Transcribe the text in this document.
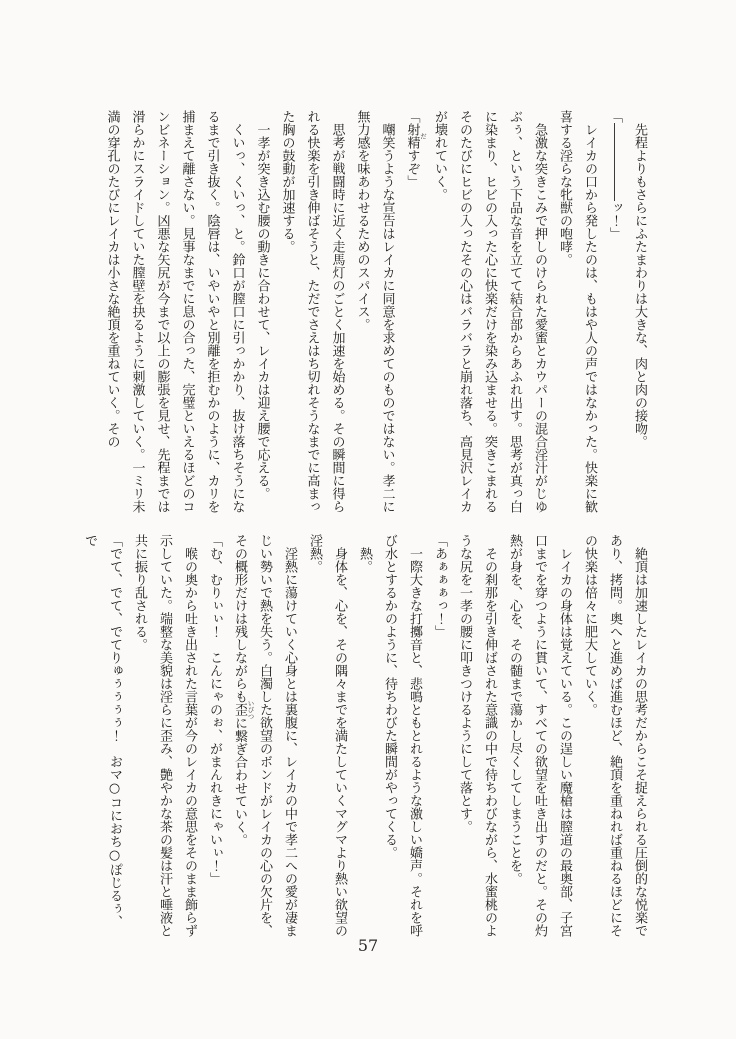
先程よりもさらにふたまわりは大きな、肉と肉の接吻。

「――――――ッ！」

レイカの口から発したのは、もはや人の声ではなかった。快楽に歓喜する淫らな牝獣の咆哮。

急激な突きこみで押しのけられた愛蜜とカウパーの混合淫汁がじゆぶぅ、という下品な音を立てて結合部からあふれ出す。思考が真っ白に染まり、ヒビの入った心に快楽だけを染み込ませる。突きこまれるそのたびにヒビの入ったその心はバラバラと崩れ落ち、高見沢レイカが壊れていく。

「射精 だすぞ」

嘲笑うような宣告はレイカに同意を求めてのものではない。孝二に無力感を味あわせるためのスパイス。

思考が戦闘時に近く走馬灯のごとく加速を始める。その瞬間に得られる快楽を引き伸ばそうと、ただでさえはち切れそうなまでに高まった胸の鼓動が加速する。

一孝が突き込む腰の動きに合わせて、レイカは迎え腰で応える。

くいっ、くいっ、と。鈴口が膣口に引っかかり、抜け落ちそうになるまで引き抜く。陰唇は、いやいやと別離を拒むかのように、カリを捕まえて離さない。見事なまでに息の合った、完璧といえるほどのコンビネーション。凶悪な矢尻が今まで以上の膨張を見せ、先程までは滑らかにスライドしていた膣壁を抉るように刺激していく。一ミリ未満の穿孔のたびにレイカは小さな絶頂を重ねていく。その

絶頂は加速したレイカの思考だからこそ捉えられる圧倒的な悦楽であり、拷問。奥へと進めば進むほど、絶頂を重ねれば重ねるほどにその快楽は倍々に肥大していく。

レイカの身体は覚えている。この逞しい魔槍は膣道の最奥部、子宮口までを穿つように貫いて、すべての欲望を吐き出すのだと。その灼熱が身を、心を、その髄まで蕩かし尽くしてしまうことを。

その刹那を引き伸ばされた意識の中で待ちわびながら、水蜜桃のような尻を一孝の腰に叩きつけるようにして落とす。

「あぁぁぁっ！」

一際大きな打擲音と、悲鳴ともとれるような激しい嬌声。それを呼び水とするかのように、待ちわびた瞬間がやってくる。

熱。

身体を、心を、その隅々までを満たしていくマグマより熱い欲望の淫熱。

淫熱に蕩けていく心身とは裏腹に、レイカの中で孝二への愛が凄まじい勢いで熱を失う。白濁した欲望のボンドがレイカの心の欠片を、その概形だけは残しながらも歪 いびつに繋ぎ合わせていく。

「む、むりぃぃ！　こんにゃのぉ、がまんれきにゃいぃ！」

喉の奥から吐き出された言葉が今のレイカの意思をそのまま飾らず示していた。端整な美貌は淫らに歪み、艶やかな茶の髪は汗と唾液と共に振り乱される。

「でて、でて、でてりゅぅぅぅぅ！　おマ○コにおち○ぽじるぅ、で

57
